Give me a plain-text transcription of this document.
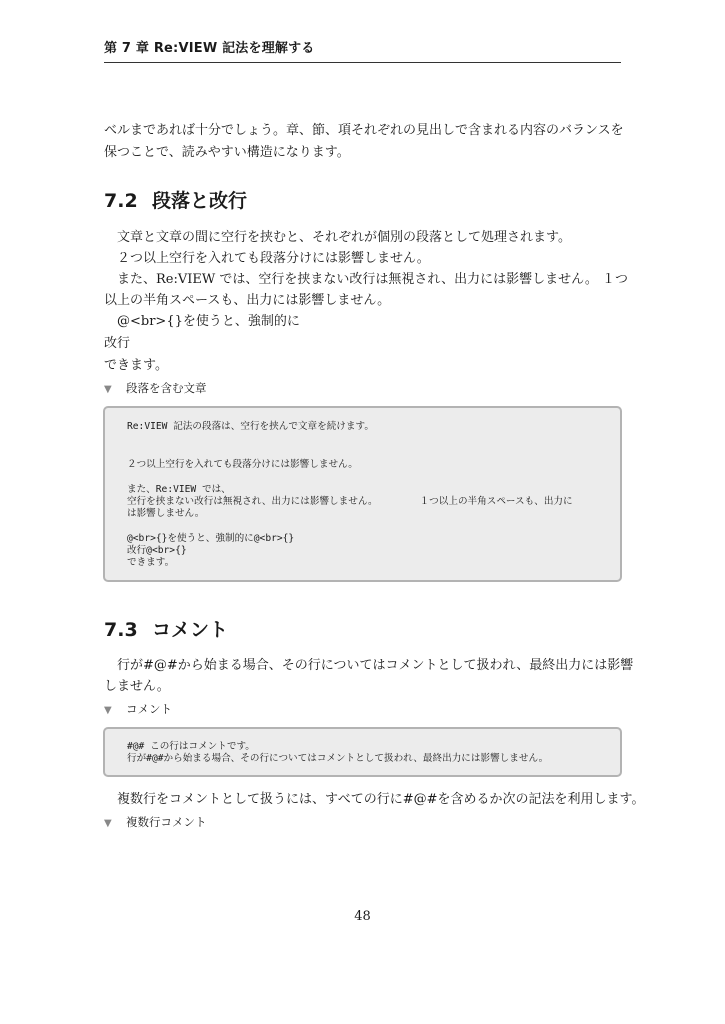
第 7 章 Re:VIEW 記法を理解する
ベルまであれば十分でしょう。章、節、項それぞれの見出しで含まれる内容のバランスを
保つことで、読みやすい構造になります。
7.2 段落と改行
文章と文章の間に空行を挟むと、それぞれが個別の段落として処理されます。
２つ以上空行を入れても段落分けには影響しません。
また、Re:VIEW では、空行を挟まない改行は無視され、出力には影響しません。 １つ
以上の半角スペースも、出力には影響しません。
@<br>{}を使うと、強制的に
改行
できます。
▼ 段落を含む文章
Re:VIEW 記法の段落は、空行を挟んで文章を続けます。
２つ以上空行を入れても段落分けには影響しません。
また、Re:VIEW では、
空行を挟まない改行は無視され、出力には影響しません。	１つ以上の半角スペースも、出力に
は影響しません。
@<br>{}を使うと、強制的に@<br>{}
改行@<br>{}
できます。
7.3 コメント
行が#@#から始まる場合、その行についてはコメントとして扱われ、最終出力には影響
しません。
▼ コメント
#@# この行はコメントです。
行が#@#から始まる場合、その行についてはコメントとして扱われ、最終出力には影響しません。
複数行をコメントとして扱うには、すべての行に#@#を含めるか次の記法を利用します。
▼ 複数行コメント
48
